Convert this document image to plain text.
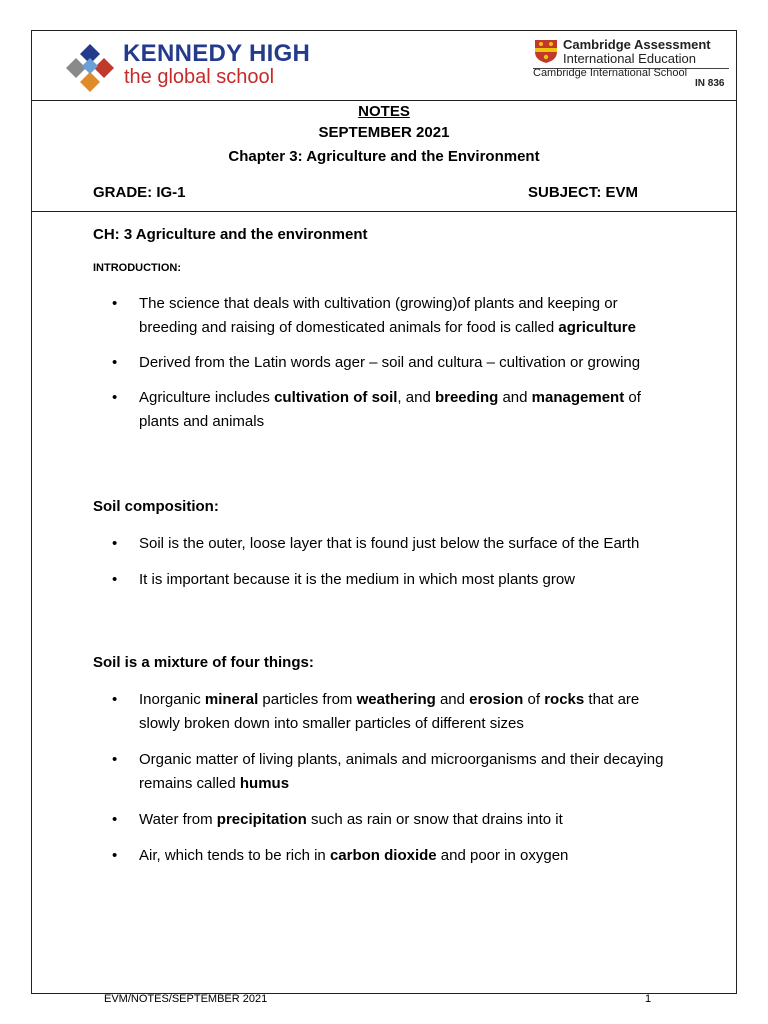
KENNEDY HIGH
the global school
Cambridge Assessment
International Education
Cambridge International School
IN 836
NOTES
SEPTEMBER 2021
Chapter 3: Agriculture and the Environment
GRADE: IG-1	SUBJECT: EVM
CH: 3 Agriculture and the environment
INTRODUCTION:
• The science that deals with cultivation (growing)of plants and keeping or breeding and raising of domesticated animals for food is called agriculture
• Derived from the Latin words ager – soil and cultura – cultivation or growing
• Agriculture includes cultivation of soil, and breeding and management of plants and animals
Soil composition:
• Soil is the outer, loose layer that is found just below the surface of the Earth
• It is important because it is the medium in which most plants grow
Soil is a mixture of four things:
• Inorganic mineral particles from weathering and erosion of rocks that are slowly broken down into smaller particles of different sizes
• Organic matter of living plants, animals and microorganisms and their decaying remains called humus
• Water from precipitation such as rain or snow that drains into it
• Air, which tends to be rich in carbon dioxide and poor in oxygen
EVM/NOTES/SEPTEMBER 2021	1
